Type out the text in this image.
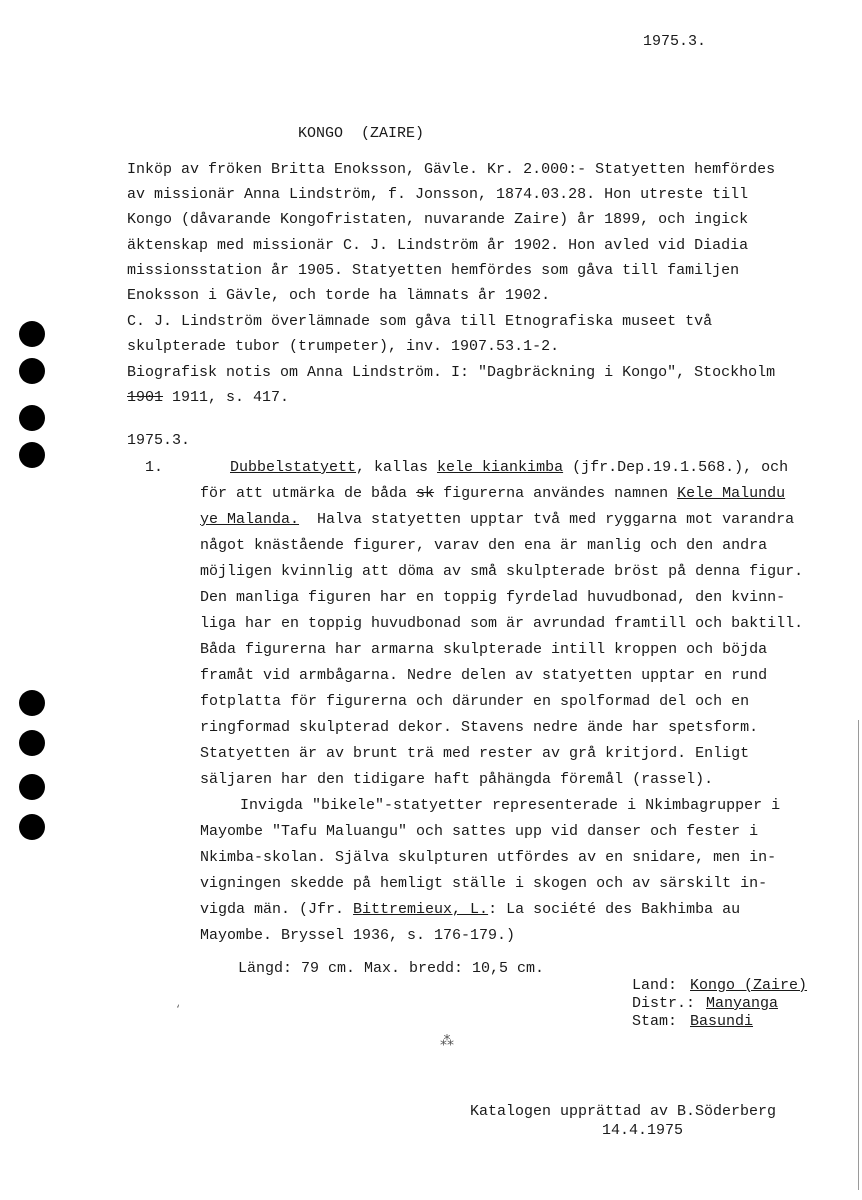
1975.3.
KONGO  (ZAIRE)
Inköp av fröken Britta Enoksson, Gävle. Kr. 2.000:- Statyetten hemfördes
av missionär Anna Lindström, f. Jonsson, 1874.03.28. Hon utreste till
Kongo (dåvarande Kongofristaten, nuvarande Zaire) år 1899, och ingick
äktenskap med missionär C. J. Lindström år 1902. Hon avled vid Diadia
missionsstation år 1905. Statyetten hemfördes som gåva till familjen
Enoksson i Gävle, och torde ha lämnats år 1902.
C. J. Lindström överlämnade som gåva till Etnografiska museet två
skulpterade tubor (trumpeter), inv. 1907.53.1-2.
Biografisk notis om Anna Lindström. I: "Dagbräckning i Kongo", Stockholm
1901 1911, s. 417.
1975.3.
1.	Dubbelstatyett, kallas kele kiankimba (jfr.Dep.19.1.568.), och
för att utmärka de båda sk figurerna användes namnen Kele Malundu
ye Malanda.  Halva statyetten upptar två med ryggarna mot varandra
något knästående figurer, varav den ena är manlig och den andra
möjligen kvinnlig att döma av små skulpterade bröst på denna figur.
Den manliga figuren har en toppig fyrdelad huvudbonad, den kvinn-
liga har en toppig huvudbonad som är avrundad framtill och baktill.
Båda figurerna har armarna skulpterade intill kroppen och böjda
framåt vid armbågarna. Nedre delen av statyetten upptar en rund
fotplatta för figurerna och därunder en spolformad del och en
ringformad skulpterad dekor. Stavens nedre ände har spetsform.
Statyetten är av brunt trä med rester av grå kritjord. Enligt
säljaren har den tidigare haft påhängda föremål (rassel).
Invigda "bikele"-statyetter representerade i Nkimbagrupper i
Mayombe "Tafu Maluangu" och sattes upp vid danser och fester i
Nkimba-skolan. Själva skulpturen utfördes av en snidare, men in-
vigningen skedde på hemligt ställe i skogen och av särskilt in-
vigda män. (Jfr. Bittremieux, L.: La société des Bakhimba au
Mayombe. Bryssel 1936, s. 176-179.)
Längd: 79 cm. Max. bredd: 10,5 cm.
Land: Kongo (Zaire)
Distr.: Manyanga
Stam: Basundi
⁂
‘
Katalogen upprättad av B.Söderberg
14.4.1975
